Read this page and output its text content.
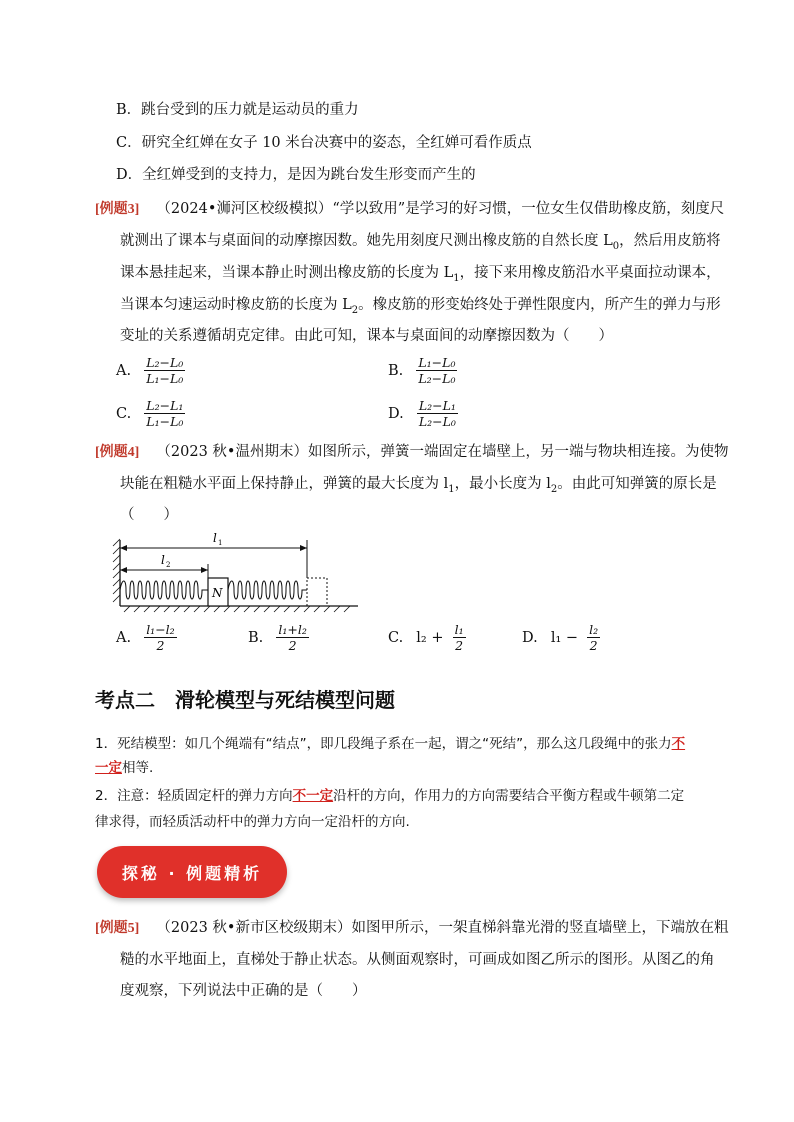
B．跳台受到的压力就是运动员的重力
C．研究全红婵在女子 10 米台决赛中的姿态，全红婵可看作质点
D．全红婵受到的支持力，是因为跳台发生形变而产生的
[例题3] （2024•浉河区校级模拟）“学以致用”是学习的好习惯，一位女生仅借助橡皮筋，刻度尺
就测出了课本与桌面间的动摩擦因数。她先用刻度尺测出橡皮筋的自然长度 $L_0$，然后用皮筋将
课本悬挂起来，当课本静止时测出橡皮筋的长度为 $L_1$，接下来用橡皮筋沿水平桌面拉动课本，
当课本匀速运动时橡皮筋的长度为 $L_2$。橡皮筋的形变始终处于弹性限度内，所产生的弹力与形
变址的关系遵循胡克定律。由此可知，课本与桌面间的动摩擦因数为（　　）
A. $\frac{\text{L₂−L₀}}{\text{L₁−L₀}}$	B. $\frac{\text{L₁−L₀}}{\text{L₂−L₀}}$
C. $\frac{\text{L₂−L₁}}{\text{L₁−L₀}}$	D. $\frac{\text{L₂−L₁}}{\text{L₂−L₀}}$
[例题4] （2023 秋•温州期末）如图所示，弹簧一端固定在墙壁上，另一端与物块相连接。为使物
块能在粗糙水平面上保持静止，弹簧的最大长度为 $l_1$，最小长度为 $l_2$。由此可知弹簧的原长是
（　　）
l 1
l 2
N
A. $\frac{\text{l₁−l₂}}{2}$	B. $\frac{\text{l₁+l₂}}{2}$	C. $l_2 + \frac{\text{l₁}}{2}$	D. $l_1 - \frac{\text{l₂}}{2}$
考点二　滑轮模型与死结模型问题
1．死结模型：如几个绳端有“结点”，即几段绳子系在一起，谓之“死结”，那么这几段绳中的张力不
一定相等.
2．注意：轻质固定杆的弹力方向不一定沿杆的方向，作用力的方向需要结合平衡方程或牛顿第二定
律求得，而轻质活动杆中的弹力方向一定沿杆的方向.
探秘 · 例题精析
[例题5] （2023 秋•新市区校级期末）如图甲所示，一架直梯斜靠光滑的竖直墙壁上，下端放在粗
糙的水平地面上，直梯处于静止状态。从侧面观察时，可画成如图乙所示的图形。从图乙的角
度观察，下列说法中正确的是（　　）
